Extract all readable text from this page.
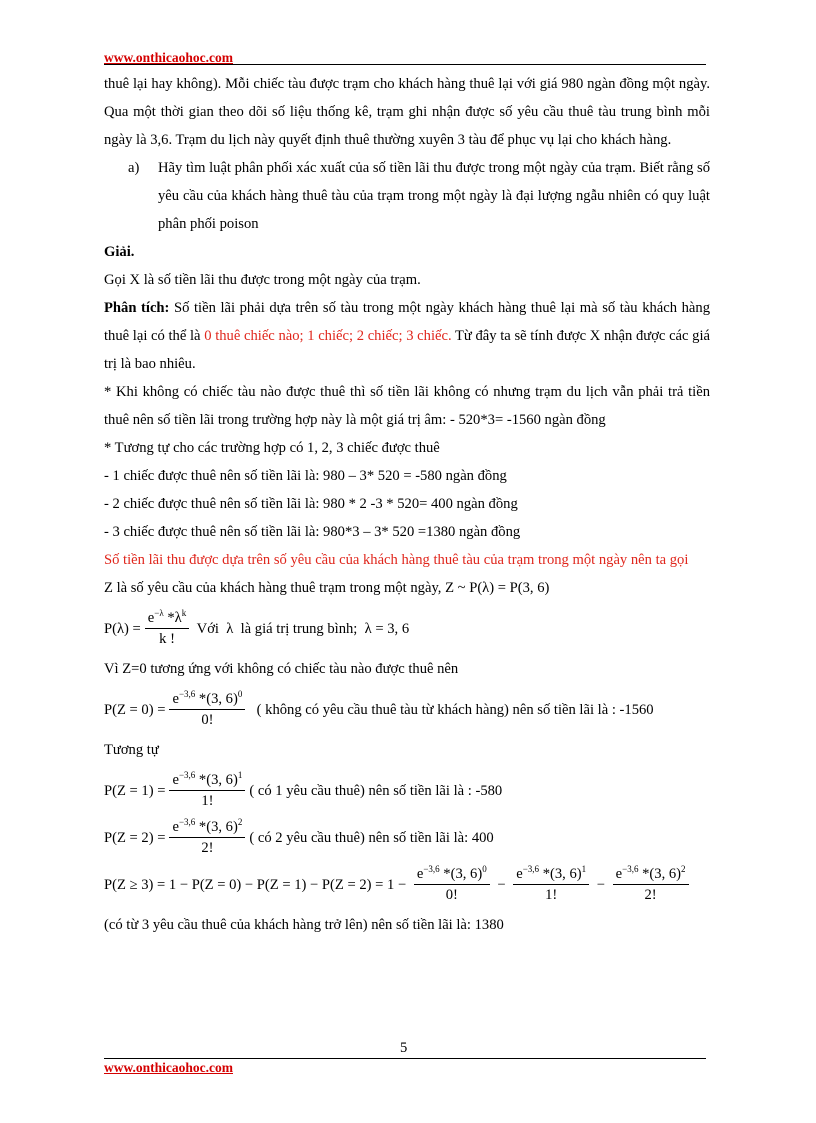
www.onthicaohoc.com

thuê lại hay không). Mỗi chiếc tàu được trạm cho khách hàng thuê lại với giá 980 ngàn đồng một ngày. Qua một thời gian theo dõi số liệu thống kê, trạm ghi nhận được số yêu cầu thuê tàu trung bình mỗi ngày là 3,6. Trạm du lịch này quyết định thuê thường xuyên 3 tàu để phục vụ lại cho khách hàng.

a)	Hãy tìm luật phân phối xác xuất của số tiền lãi thu được trong một ngày của trạm. Biết rằng số yêu cầu của khách hàng thuê tàu của trạm trong một ngày là đại lượng ngẫu nhiên có quy luật phân phối poison

Giải.

Gọi X là số tiền lãi thu được trong một ngày của trạm.

Phân tích: Số tiền lãi phải dựa trên số tàu trong một ngày khách hàng thuê lại mà số tàu khách hàng thuê lại có thể là 0 thuê chiếc nào; 1 chiếc; 2 chiếc; 3 chiếc. Từ đây ta sẽ tính được X nhận được các giá trị là bao nhiêu.

* Khi không có chiếc tàu nào được thuê thì số tiền lãi không có nhưng trạm du lịch vẫn phải trả tiền thuê nên số tiền lãi trong trường hợp này là một giá trị âm: - 520*3= -1560 ngàn đồng

* Tương tự cho các trường hợp có 1, 2, 3 chiếc được thuê

- 1 chiếc được thuê nên số tiền lãi là: 980 – 3* 520 = -580 ngàn đồng

- 2 chiếc được thuê nên số tiền lãi là: 980 * 2 -3 * 520= 400 ngàn đồng

- 3 chiếc được thuê nên số tiền lãi là: 980*3 – 3* 520 =1380 ngàn đồng

Số tiền lãi thu được dựa trên số yêu cầu của khách hàng thuê tàu của trạm trong một ngày nên ta gọi

Z là số yêu cầu của khách hàng thuê trạm trong một ngày, Z ~ P(λ) = P(3, 6)

$P(\lambda) = \frac{e^{-\lambda} *\lambda^k}{k !}$ Với  λ  là giá trị trung bình;  λ = 3, 6

Vì Z=0 tương ứng với không có chiếc tàu nào được thuê nên

$P(Z = 0) = \frac{e^{-3,6} *(3, 6)^0}{0!}$ ( không có yêu cầu thuê tàu từ khách hàng) nên số tiền lãi là : -1560

Tương tự

$P(Z = 1) = \frac{e^{-3,6} *(3, 6)^1}{1!}$ ( có 1 yêu cầu thuê) nên số tiền lãi là : -580
$P(Z = 2) = \frac{e^{-3,6} *(3, 6)^2}{2!}$ ( có 2 yêu cầu thuê) nên số tiền lãi là: 400
$P(Z \ge 3) = 1 - P(Z = 0) - P(Z = 1) - P(Z = 2) = 1 - \frac{e^{-3,6} *(3, 6)^0}{0!} - \frac{e^{-3,6} *(3, 6)^1}{1!} - \frac{e^{-3,6} *(3, 6)^2}{2!}$

(có từ 3 yêu cầu thuê của khách hàng trở lên) nên số tiền lãi là: 1380

5
www.onthicaohoc.com
